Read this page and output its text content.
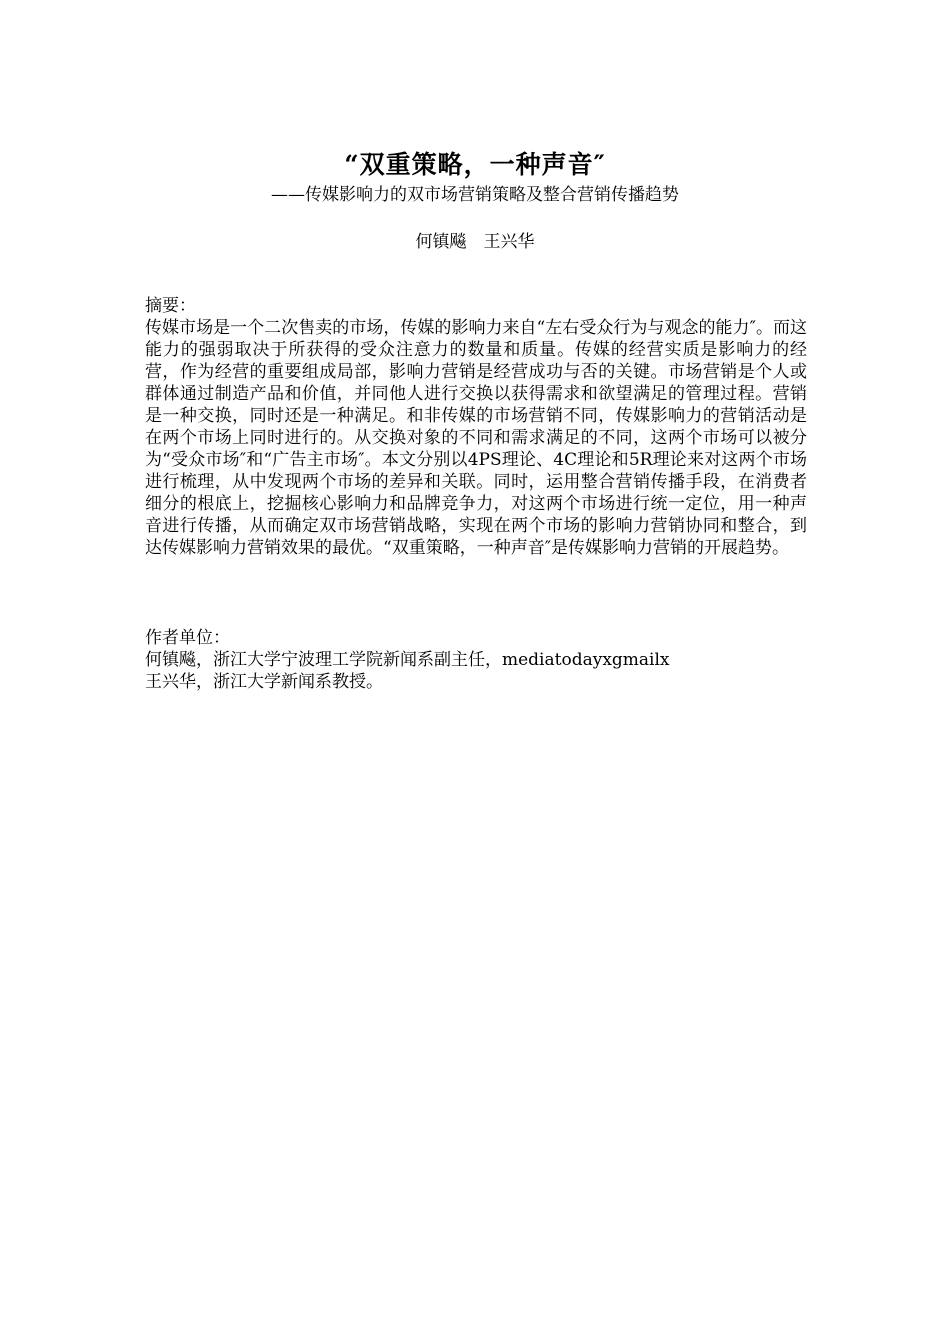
“双重策略，一种声音″
——传媒影响力的双市场营销策略及整合营销传播趋势
何镇飚　王兴华
摘要：
传媒市场是一个二次售卖的市场，传媒的影响力来自“左右受众行为与观念的能力″。而这能力的强弱取决于所获得的受众注意力的数量和质量。传媒的经营实质是影响力的经营，作为经营的重要组成局部，影响力营销是经营成功与否的关键。市场营销是个人或群体通过制造产品和价值，并同他人进行交换以获得需求和欲望满足的管理过程。营销是一种交换，同时还是一种满足。和非传媒的市场营销不同，传媒影响力的营销活动是在两个市场上同时进行的。从交换对象的不同和需求满足的不同，这两个市场可以被分为“受众市场″和“广告主市场″。本文分别以4PS理论、4C理论和5R理论来对这两个市场进行梳理，从中发现两个市场的差异和关联。同时，运用整合营销传播手段，在消费者细分的根底上，挖掘核心影响力和品牌竞争力，对这两个市场进行统一定位，用一种声音进行传播，从而确定双市场营销战略，实现在两个市场的影响力营销协同和整合，到达传媒影响力营销效果的最优。“双重策略，一种声音″是传媒影响力营销的开展趋势。
作者单位：
何镇飚，浙江大学宁波理工学院新闻系副主任，mediatodayxgmailx
王兴华，浙江大学新闻系教授。
